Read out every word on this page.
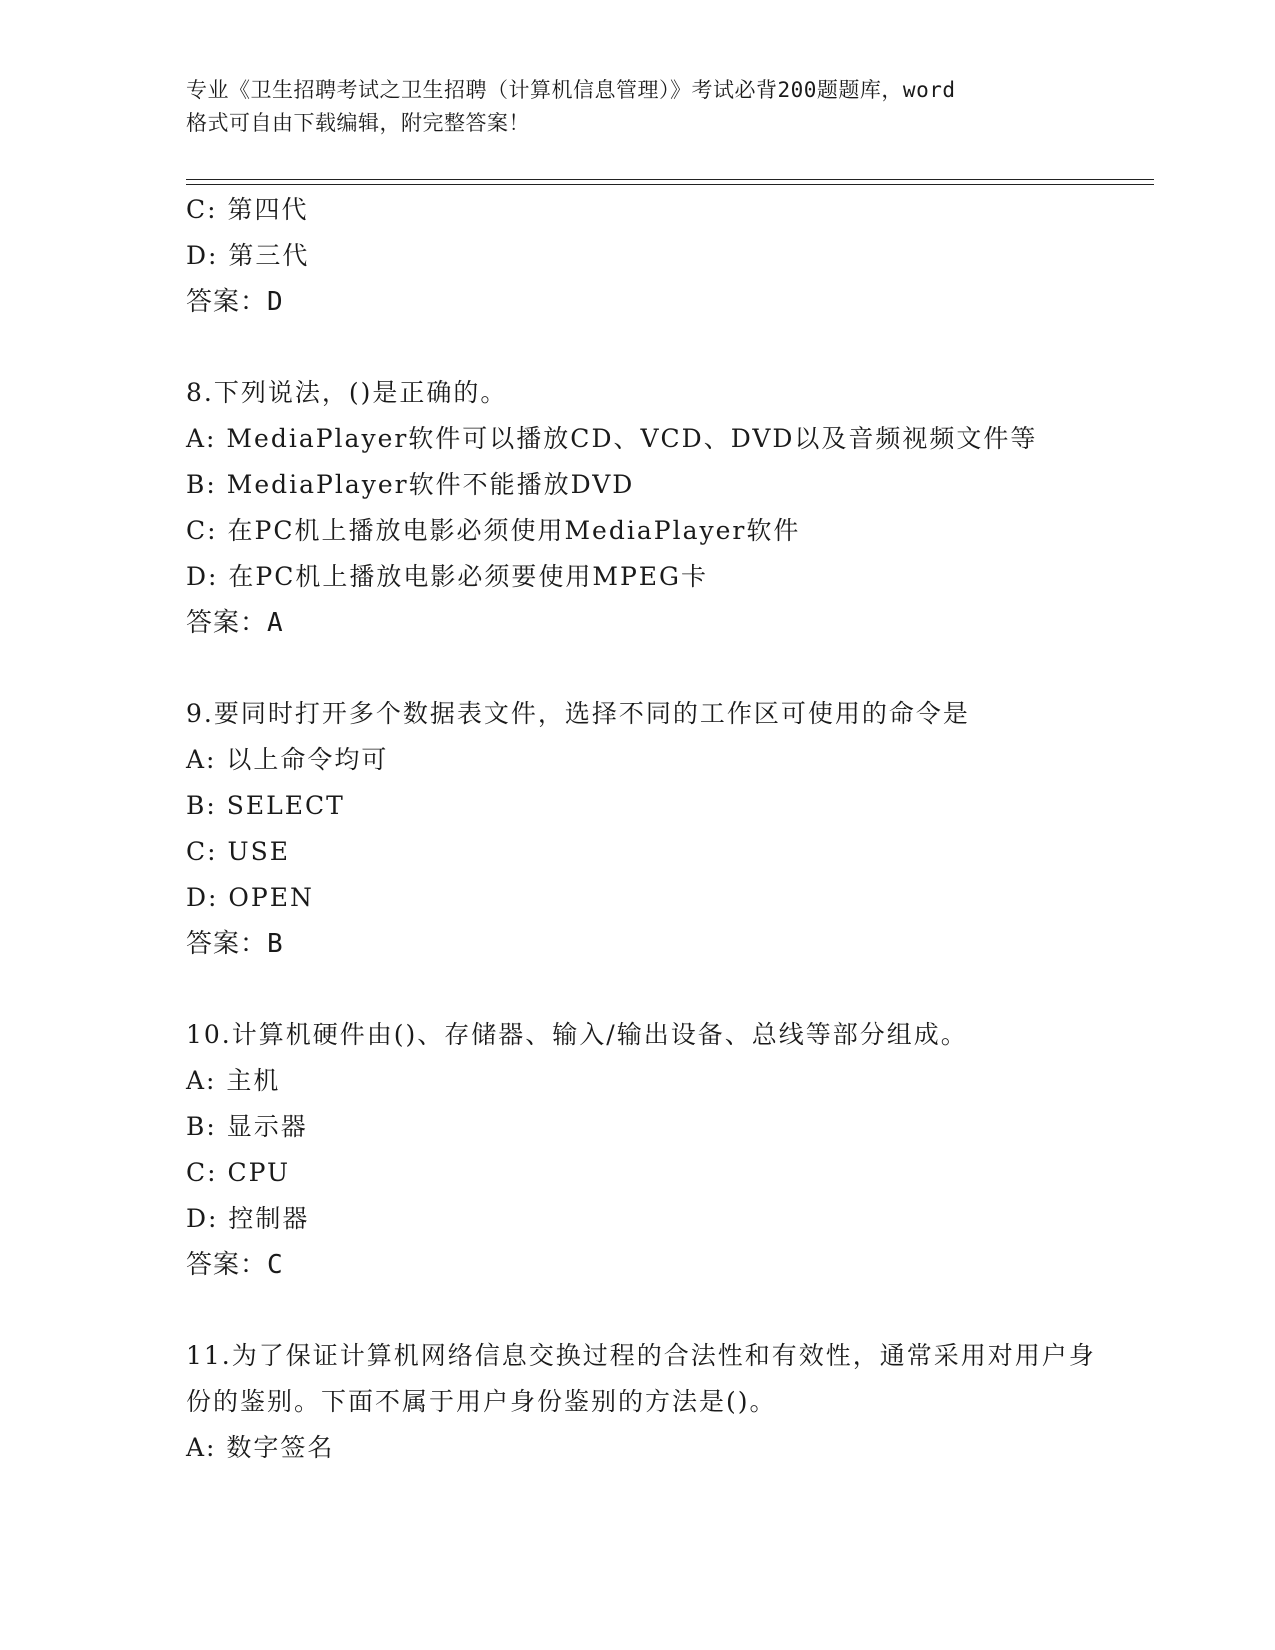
专业《卫生招聘考试之卫生招聘（计算机信息管理）》考试必背200题题库，word
格式可自由下载编辑，附完整答案！
C: 第四代
D: 第三代
答案：D
8.下列说法，()是正确的。
A: MediaPlayer软件可以播放CD、VCD、DVD以及音频视频文件等
B: MediaPlayer软件不能播放DVD
C: 在PC机上播放电影必须使用MediaPlayer软件
D: 在PC机上播放电影必须要使用MPEG卡
答案：A
9.要同时打开多个数据表文件，选择不同的工作区可使用的命令是
A: 以上命令均可
B: SELECT
C: USE
D: OPEN
答案：B
10.计算机硬件由()、存储器、输入/输出设备、总线等部分组成。
A: 主机
B: 显示器
C: CPU
D: 控制器
答案：C
11.为了保证计算机网络信息交换过程的合法性和有效性，通常采用对用户身份的鉴别。下面不属于用户身份鉴别的方法是()。
A: 数字签名
